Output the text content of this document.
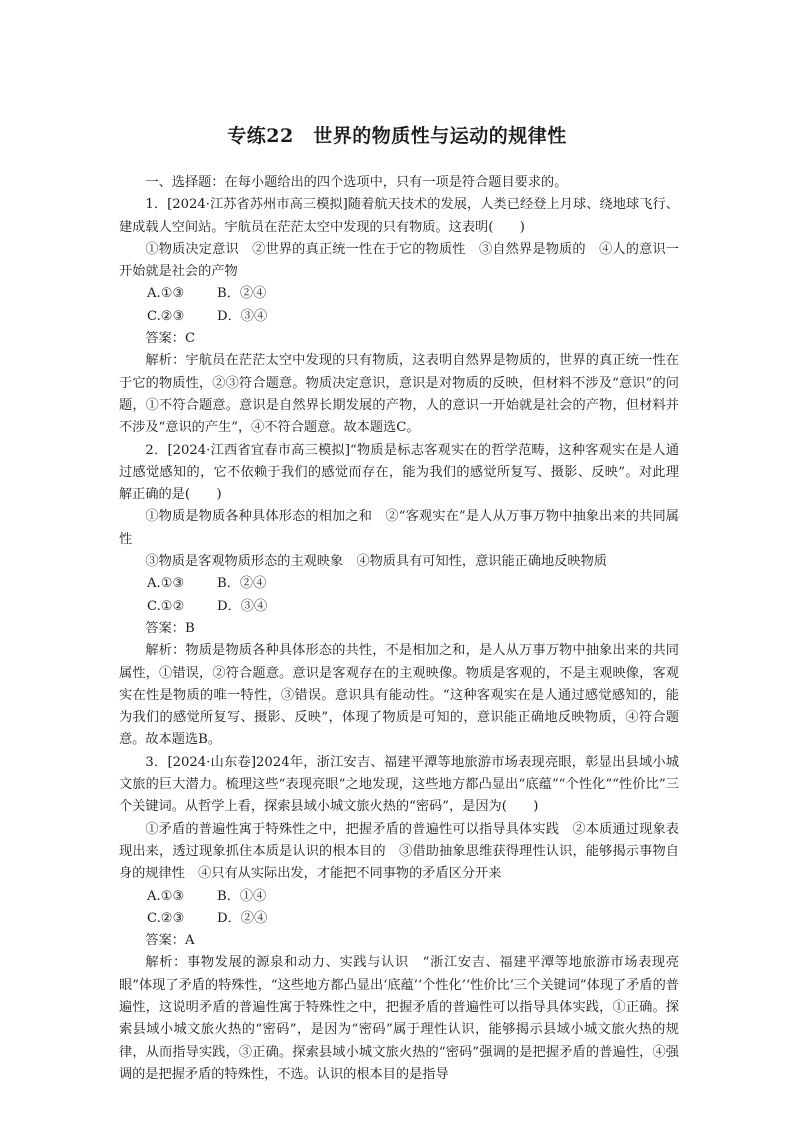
专练22　世界的物质性与运动的规律性

一、选择题：在每小题给出的四个选项中，只有一项是符合题目要求的。

1．[2024·江苏省苏州市高三模拟]随着航天技术的发展，人类已经登上月球、绕地球飞行、建成载人空间站。宇航员在茫茫太空中发现的只有物质。这表明(　　)

①物质决定意识　②世界的真正统一性在于它的物质性　③自然界是物质的　④人的意识一开始就是社会的产物

A.①③ B．②④

C.②③ D．③④

答案：C

解析：宇航员在茫茫太空中发现的只有物质，这表明自然界是物质的，世界的真正统一性在于它的物质性，②③符合题意。物质决定意识，意识是对物质的反映，但材料不涉及“意识”的问题，①不符合题意。意识是自然界长期发展的产物，人的意识一开始就是社会的产物，但材料并不涉及“意识的产生”，④不符合题意。故本题选C。

2．[2024·江西省宜春市高三模拟]“物质是标志客观实在的哲学范畴，这种客观实在是人通过感觉感知的，它不依赖于我们的感觉而存在，能为我们的感觉所复写、摄影、反映”。对此理解正确的是(　　)

①物质是物质各种具体形态的相加之和　②“客观实在”是人从万事万物中抽象出来的共同属性

③物质是客观物质形态的主观映象　④物质具有可知性，意识能正确地反映物质

A.①③ B．②④

C.①② D．③④

答案：B

解析：物质是物质各种具体形态的共性，不是相加之和，是人从万事万物中抽象出来的共同属性，①错误，②符合题意。意识是客观存在的主观映像。物质是客观的，不是主观映像，客观实在性是物质的唯一特性，③错误。意识具有能动性。“这种客观实在是人通过感觉感知的，能为我们的感觉所复写、摄影、反映”，体现了物质是可知的，意识能正确地反映物质，④符合题意。故本题选B。

3．[2024·山东卷]2024年，浙江安吉、福建平潭等地旅游市场表现亮眼，彰显出县域小城文旅的巨大潜力。梳理这些“表现亮眼”之地发现，这些地方都凸显出“底蕴”“个性化”“性价比”三个关键词。从哲学上看，探索县域小城文旅火热的“密码”，是因为(　　)

①矛盾的普遍性寓于特殊性之中，把握矛盾的普遍性可以指导具体实践　②本质通过现象表现出来，透过现象抓住本质是认识的根本目的　③借助抽象思维获得理性认识，能够揭示事物自身的规律性　④只有从实际出发，才能把不同事物的矛盾区分开来

A.①③ B．①④

C.②③ D．②④

答案：A

解析：事物发展的源泉和动力、实践与认识　“浙江安吉、福建平潭等地旅游市场表现亮眼”体现了矛盾的特殊性，“这些地方都凸显出‘底蕴’‘个性化’‘性价比’三个关键词”体现了矛盾的普遍性，这说明矛盾的普遍性寓于特殊性之中，把握矛盾的普遍性可以指导具体实践，①正确。探索县域小城文旅火热的“密码”，是因为“密码”属于理性认识，能够揭示县域小城文旅火热的规律，从而指导实践，③正确。探索县域小城文旅火热的“密码”强调的是把握矛盾的普遍性，④强调的是把握矛盾的特殊性，不选。认识的根本目的是指导
